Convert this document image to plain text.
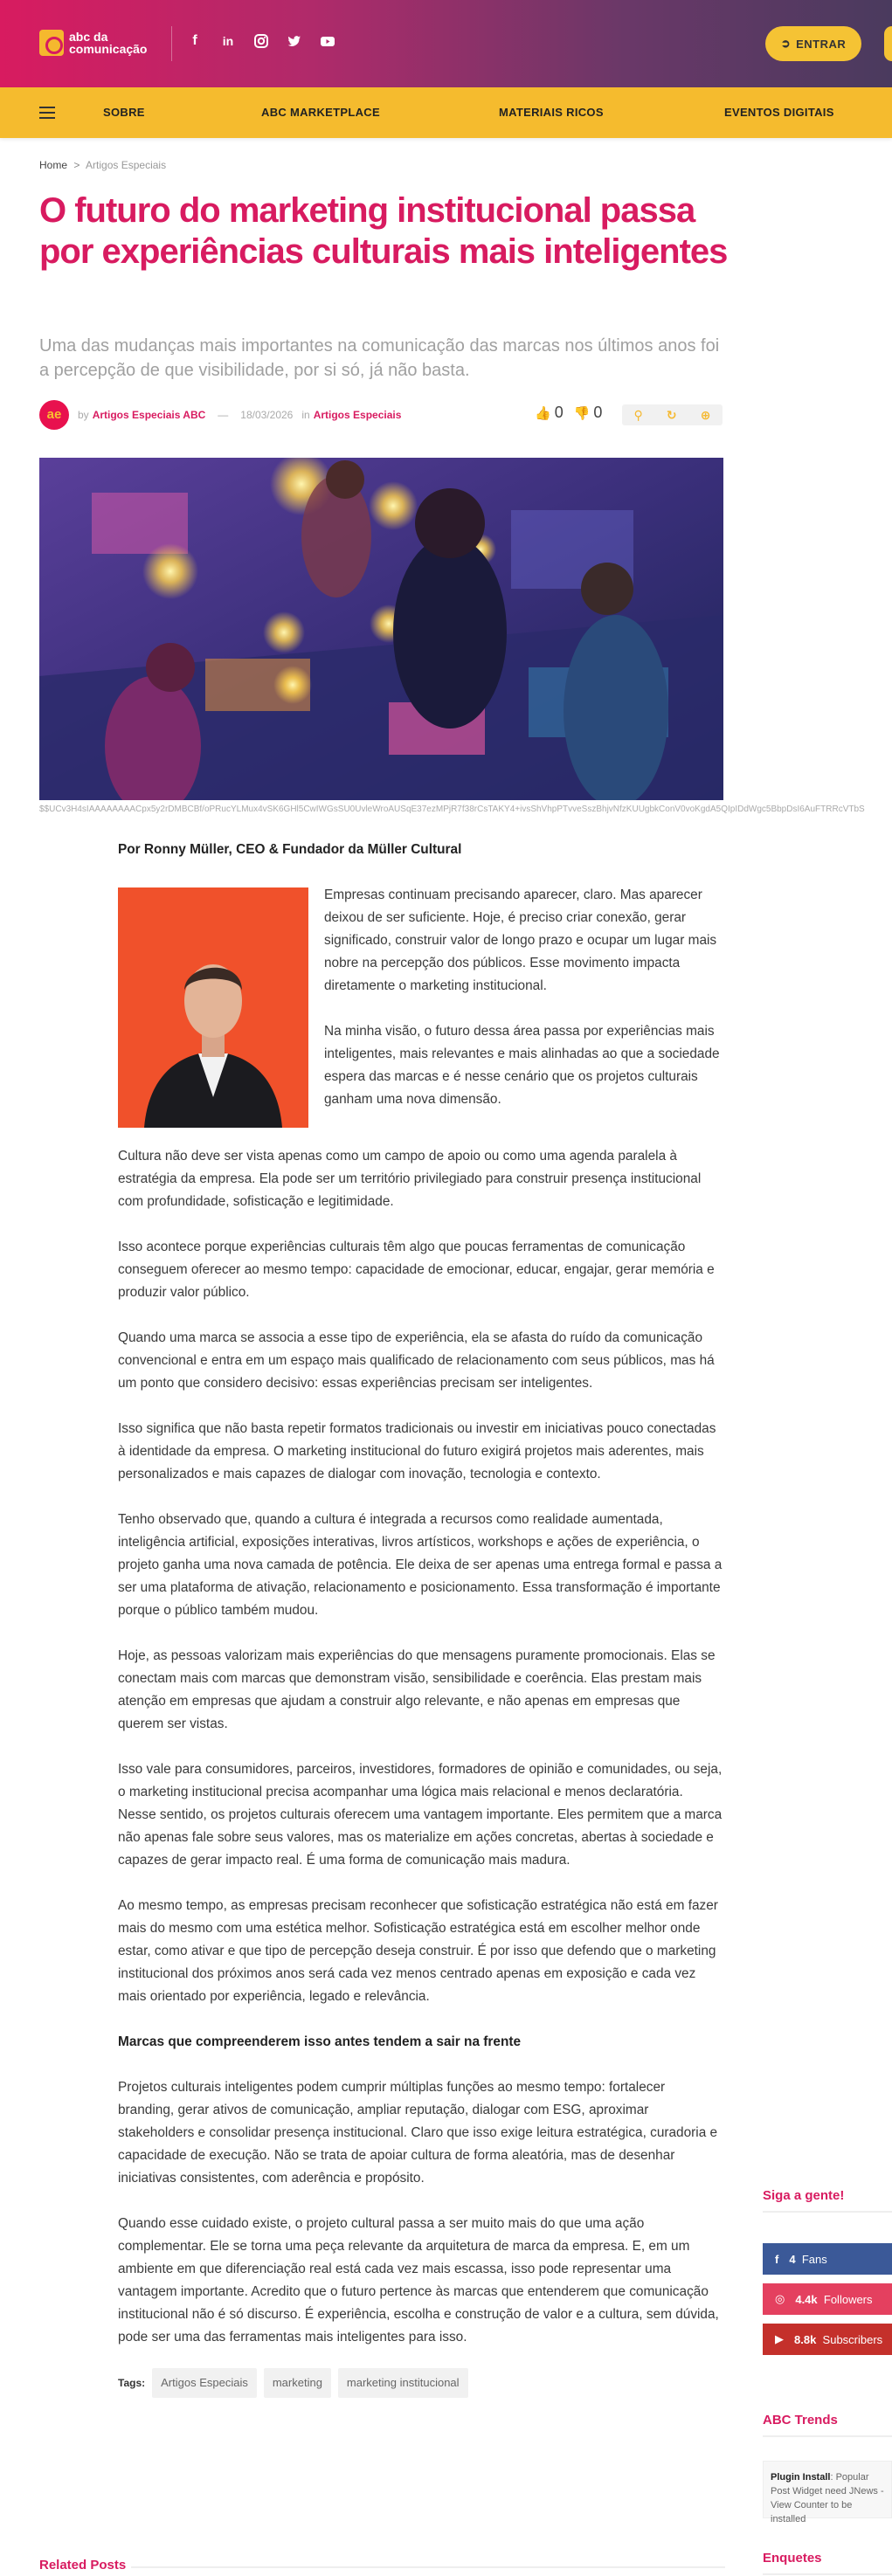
abc da
comunicação
f	in	➲ ENTRAR
SOBRE	ABC MARKETPLACE	MATERIAIS RICOS	EVENTOS DIGITAIS
Home > Artigos Especiais
O futuro do marketing institucional passa por experiências culturais mais inteligentes
Uma das mudanças mais importantes na comunicação das marcas nos últimos anos foi a percepção de que visibilidade, por si só, já não basta.
ae	by Artigos Especiais ABC — 18/03/2026 in Artigos Especiais	👍 0 👎 0	⚲ ↻ ⊕
$$UCv3H4sIAAAAAAAACpx5y2rDMBCBf/oPRucYLMux4vSK6GHl5CwIWGsSU0UvleWroAUSqE37ezMPjR7f38rCsTAKY4+ivsShVhpPTvveSszBhjvNfzKUUgbkConV0voKgdA5QIpIDdWgc5BbpDsI6AuFTRRcVTbS

Por Ronny Müller, CEO & Fundador da Müller Cultural

Empresas continuam precisando aparecer, claro. Mas aparecer deixou de ser suficiente. Hoje, é preciso criar conexão, gerar significado, construir valor de longo prazo e ocupar um lugar mais nobre na percepção dos públicos. Esse movimento impacta diretamente o marketing institucional.

Na minha visão, o futuro dessa área passa por experiências mais inteligentes, mais relevantes e mais alinhadas ao que a sociedade espera das marcas e é nesse cenário que os projetos culturais ganham uma nova dimensão.

Cultura não deve ser vista apenas como um campo de apoio ou como uma agenda paralela à estratégia da empresa. Ela pode ser um território privilegiado para construir presença institucional com profundidade, sofisticação e legitimidade.

Isso acontece porque experiências culturais têm algo que poucas ferramentas de comunicação conseguem oferecer ao mesmo tempo: capacidade de emocionar, educar, engajar, gerar memória e produzir valor público.

Quando uma marca se associa a esse tipo de experiência, ela se afasta do ruído da comunicação convencional e entra em um espaço mais qualificado de relacionamento com seus públicos, mas há um ponto que considero decisivo: essas experiências precisam ser inteligentes.

Isso significa que não basta repetir formatos tradicionais ou investir em iniciativas pouco conectadas à identidade da empresa. O marketing institucional do futuro exigirá projetos mais aderentes, mais personalizados e mais capazes de dialogar com inovação, tecnologia e contexto.

Tenho observado que, quando a cultura é integrada a recursos como realidade aumentada, inteligência artificial, exposições interativas, livros artísticos, workshops e ações de experiência, o projeto ganha uma nova camada de potência. Ele deixa de ser apenas uma entrega formal e passa a ser uma plataforma de ativação, relacionamento e posicionamento. Essa transformação é importante porque o público também mudou.

Hoje, as pessoas valorizam mais experiências do que mensagens puramente promocionais. Elas se conectam mais com marcas que demonstram visão, sensibilidade e coerência. Elas prestam mais atenção em empresas que ajudam a construir algo relevante, e não apenas em empresas que querem ser vistas.

Isso vale para consumidores, parceiros, investidores, formadores de opinião e comunidades, ou seja, o marketing institucional precisa acompanhar uma lógica mais relacional e menos declaratória. Nesse sentido, os projetos culturais oferecem uma vantagem importante. Eles permitem que a marca não apenas fale sobre seus valores, mas os materialize em ações concretas, abertas à sociedade e capazes de gerar impacto real. É uma forma de comunicação mais madura.

Ao mesmo tempo, as empresas precisam reconhecer que sofisticação estratégica não está em fazer mais do mesmo com uma estética melhor. Sofisticação estratégica está em escolher melhor onde estar, como ativar e que tipo de percepção deseja construir. É por isso que defendo que o marketing institucional dos próximos anos será cada vez menos centrado apenas em exposição e cada vez mais orientado por experiência, legado e relevância.

Marcas que compreenderem isso antes tendem a sair na frente

Projetos culturais inteligentes podem cumprir múltiplas funções ao mesmo tempo: fortalecer branding, gerar ativos de comunicação, ampliar reputação, dialogar com ESG, aproximar stakeholders e consolidar presença institucional. Claro que isso exige leitura estratégica, curadoria e capacidade de execução. Não se trata de apoiar cultura de forma aleatória, mas de desenhar iniciativas consistentes, com aderência e propósito.

Quando esse cuidado existe, o projeto cultural passa a ser muito mais do que uma ação complementar. Ele se torna uma peça relevante da arquitetura de marca da empresa. E, em um ambiente em que diferenciação real está cada vez mais escassa, isso pode representar uma vantagem importante. Acredito que o futuro pertence às marcas que entenderem que comunicação institucional não é só discurso. É experiência, escolha e construção de valor e a cultura, sem dúvida, pode ser uma das ferramentas mais inteligentes para isso.

Tags:	Artigos Especiais	marketing	marketing institucional
Related Posts
Siga a gente!
f 4 Fans
◎ 4.4k Followers
▶ 8.8k Subscribers
ABC Trends
Plugin Install: Popular Post Widget need JNews - View Counter to be installed
Enquetes
